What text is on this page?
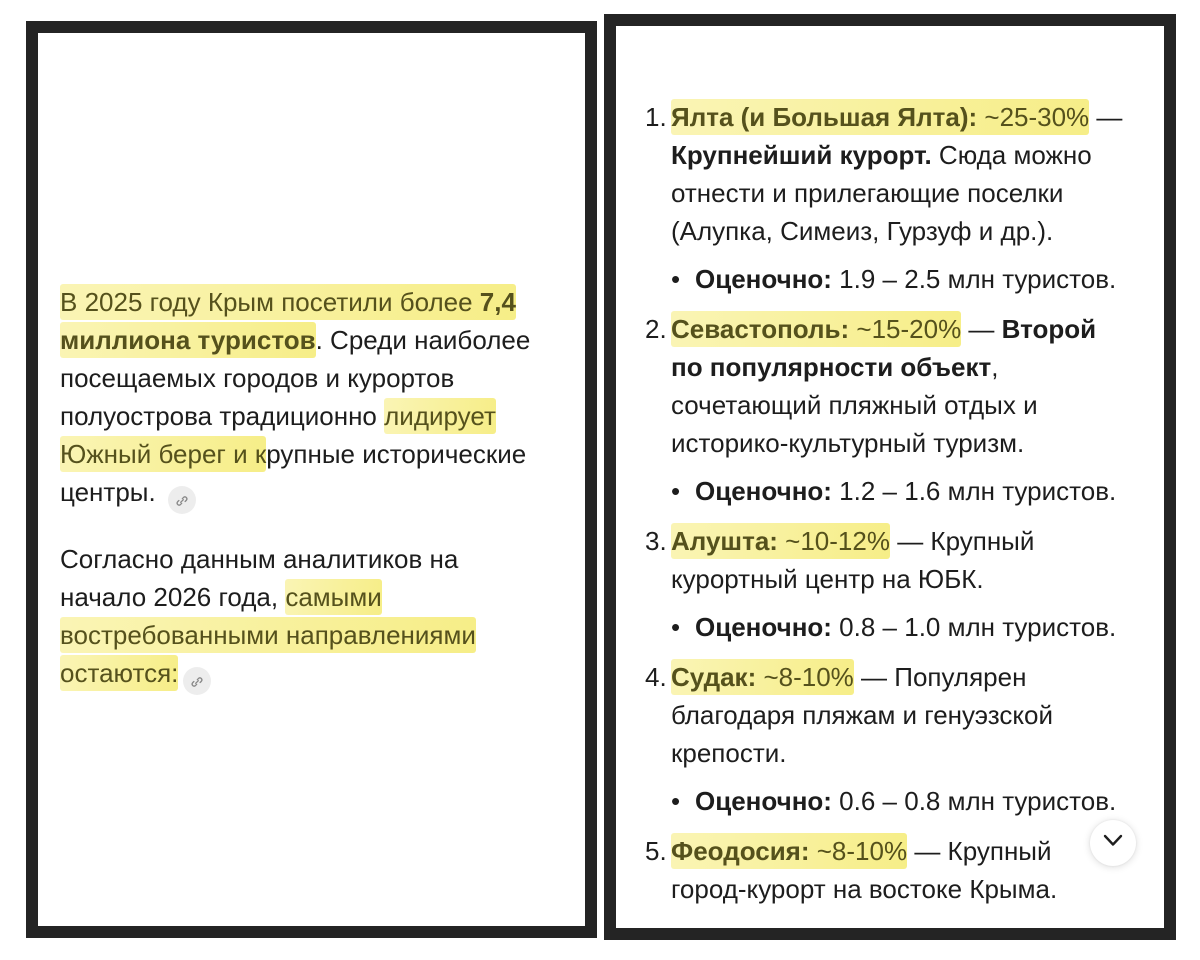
В 2025 году Крым посетили более 7,4 миллиона туристов. Среди наиболее посещаемых городов и курортов полуострова традиционно лидирует Южный берег и крупные исторические центры.

Согласно данным аналитиков на начало 2026 года, самыми востребованными направлениями остаются:

1. Ялта (и Большая Ялта): ~25-30% — Крупнейший курорт. Сюда можно отнести и прилегающие поселки (Алупка, Симеиз, Гурзуф и др.).

• Оценочно: 1.9 – 2.5 млн туристов.

2. Севастополь: ~15-20% — Второй по популярности объект, сочетающий пляжный отдых и историко-культурный туризм.

• Оценочно: 1.2 – 1.6 млн туристов.

3. Алушта: ~10-12% — Крупный курортный центр на ЮБК.

• Оценочно: 0.8 – 1.0 млн туристов.

4. Судак: ~8-10% — Популярен благодаря пляжам и генуэзской крепости.

• Оценочно: 0.6 – 0.8 млн туристов.

5. Феодосия: ~8-10% — Крупный город-курорт на востоке Крыма.
